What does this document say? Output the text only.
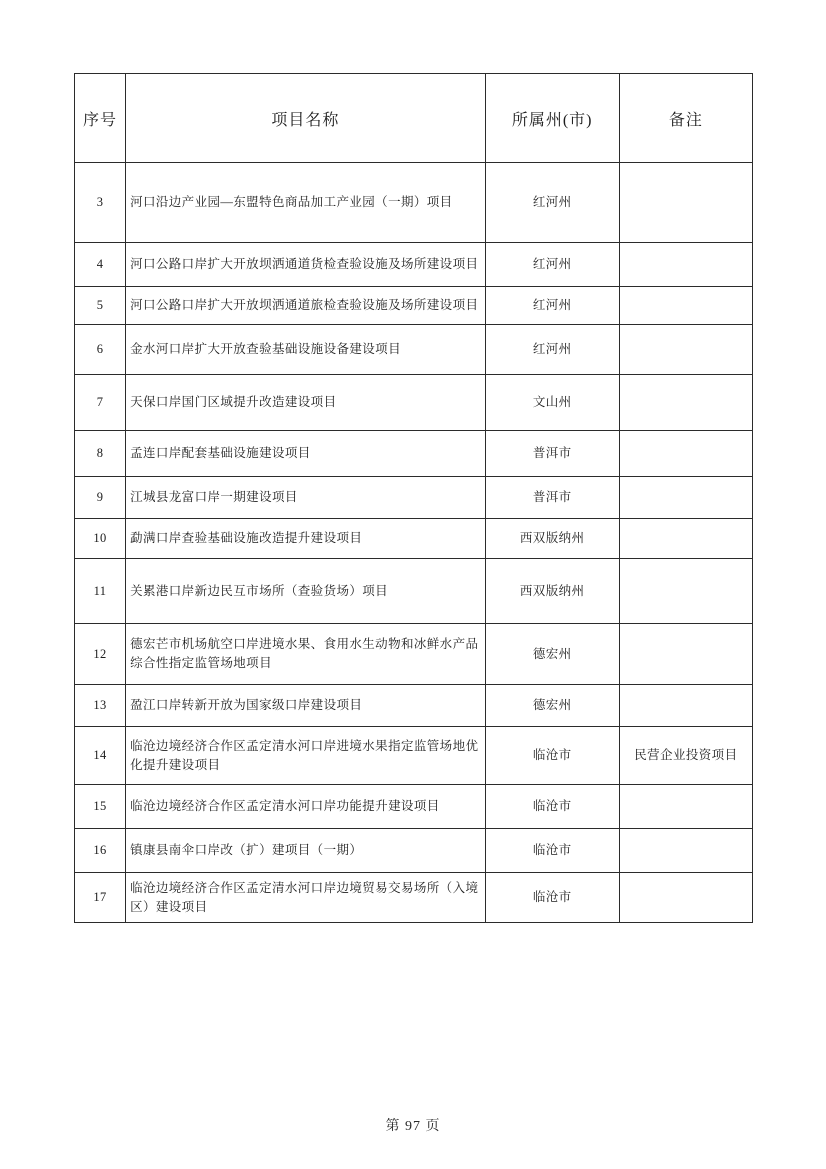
序号	项目名称	所属州(市)	备注
3	河口沿边产业园—东盟特色商品加工产业园（一期）项目	红河州	
4	河口公路口岸扩大开放坝洒通道货检查验设施及场所建设项目	红河州	
5	河口公路口岸扩大开放坝洒通道旅检查验设施及场所建设项目	红河州	
6	金水河口岸扩大开放查验基础设施设备建设项目	红河州	
7	天保口岸国门区域提升改造建设项目	文山州	
8	孟连口岸配套基础设施建设项目	普洱市	
9	江城县龙富口岸一期建设项目	普洱市	
10	勐满口岸查验基础设施改造提升建设项目	西双版纳州	
11	关累港口岸新边民互市场所（查验货场）项目	西双版纳州	
12	德宏芒市机场航空口岸进境水果、食用水生动物和冰鲜水产品综合性指定监管场地项目	德宏州	
13	盈江口岸转新开放为国家级口岸建设项目	德宏州	
14	临沧边境经济合作区孟定清水河口岸进境水果指定监管场地优化提升建设项目	临沧市	民营企业投资项目
15	临沧边境经济合作区孟定清水河口岸功能提升建设项目	临沧市	
16	镇康县南伞口岸改（扩）建项目（一期）	临沧市	
17	临沧边境经济合作区孟定清水河口岸边境贸易交易场所（入境区）建设项目	临沧市	
第 97 页
